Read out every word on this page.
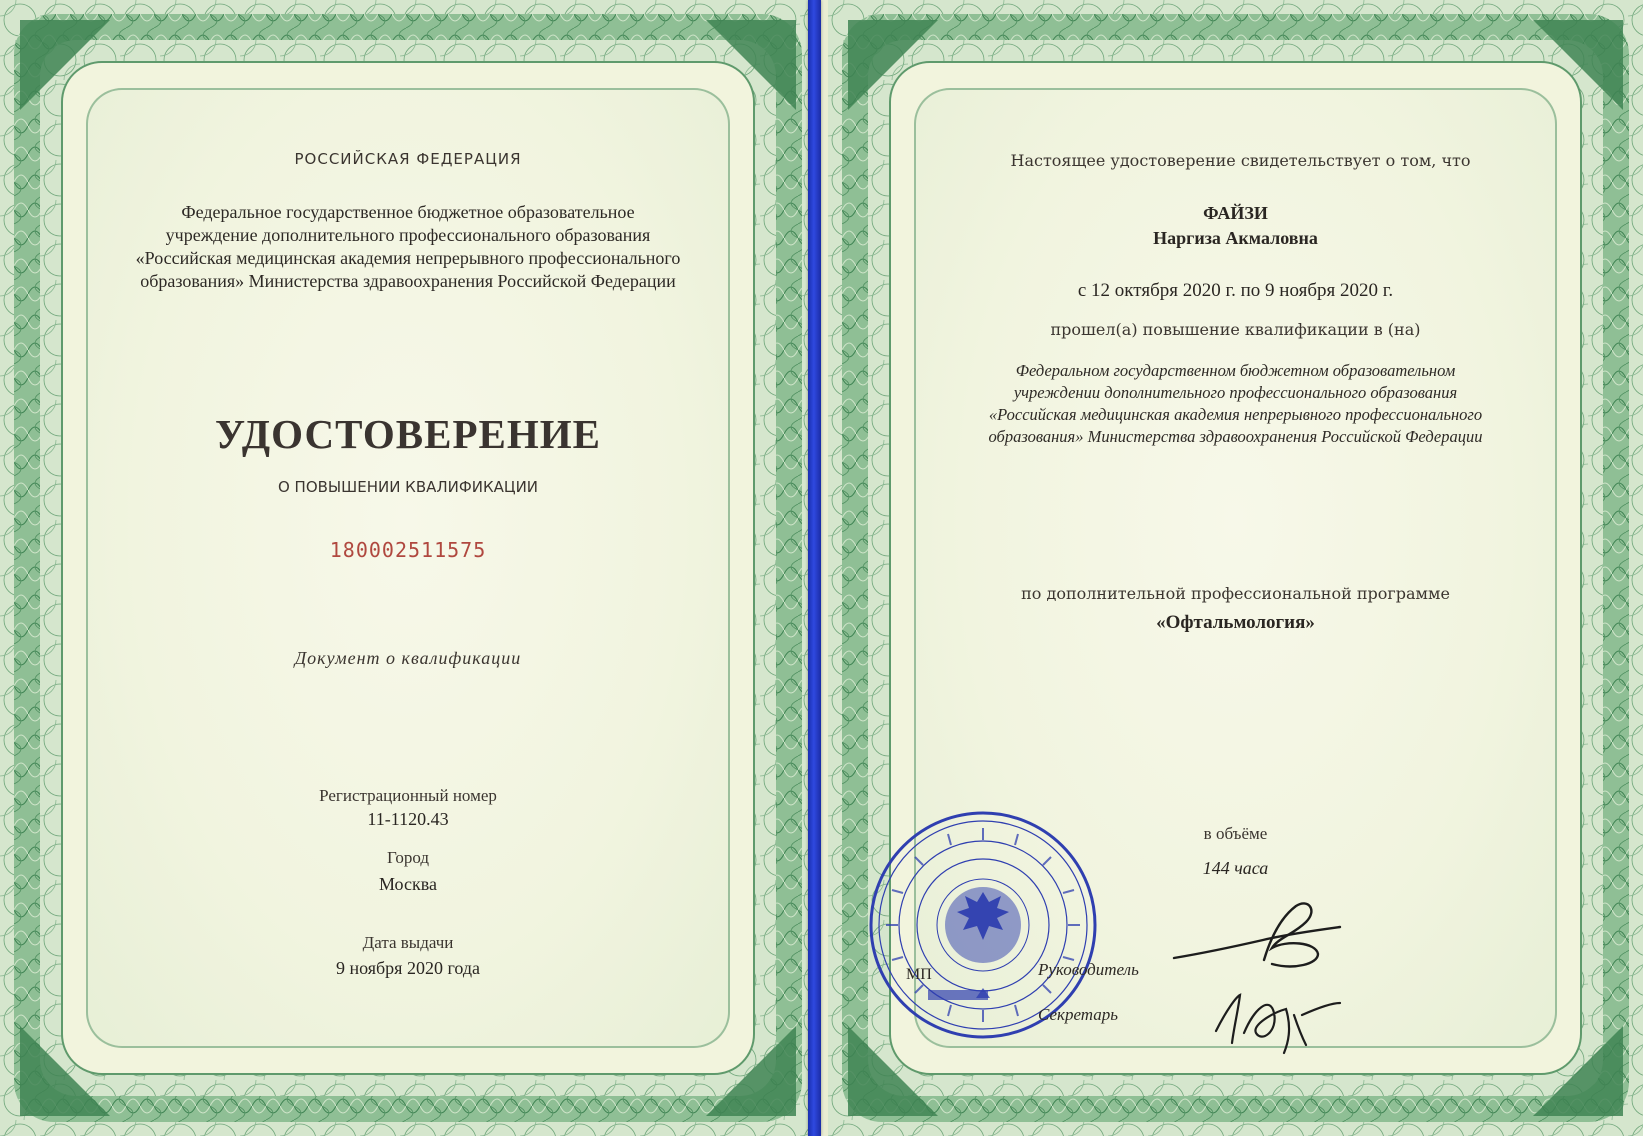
РОССИЙСКАЯ ФЕДЕРАЦИЯ
Федеральное государственное бюджетное образовательное
учреждение дополнительного профессионального образования
«Российская медицинская академия непрерывного профессионального
образования» Министерства здравоохранения Российской Федерации
УДОСТОВЕРЕНИЕ
О ПОВЫШЕНИИ КВАЛИФИКАЦИИ
180002511575
Документ о квалификации
Регистрационный номер
11-1120.43
Город
Москва
Дата выдачи
9 ноября 2020 года
Настоящее удостоверение свидетельствует о том, что
ФАЙЗИ
Наргиза Акмаловна
с 12 октября 2020 г. по 9 ноября 2020 г.
прошел(а) повышение квалификации в (на)
Федеральном государственном бюджетном образовательном
учреждении дополнительного профессионального образования
«Российская медицинская академия непрерывного профессионального
образования» Министерства здравоохранения Российской Федерации
по дополнительной профессиональной программе
«Офтальмология»
в объёме
144 часа
МП	Руководитель
Секретарь
